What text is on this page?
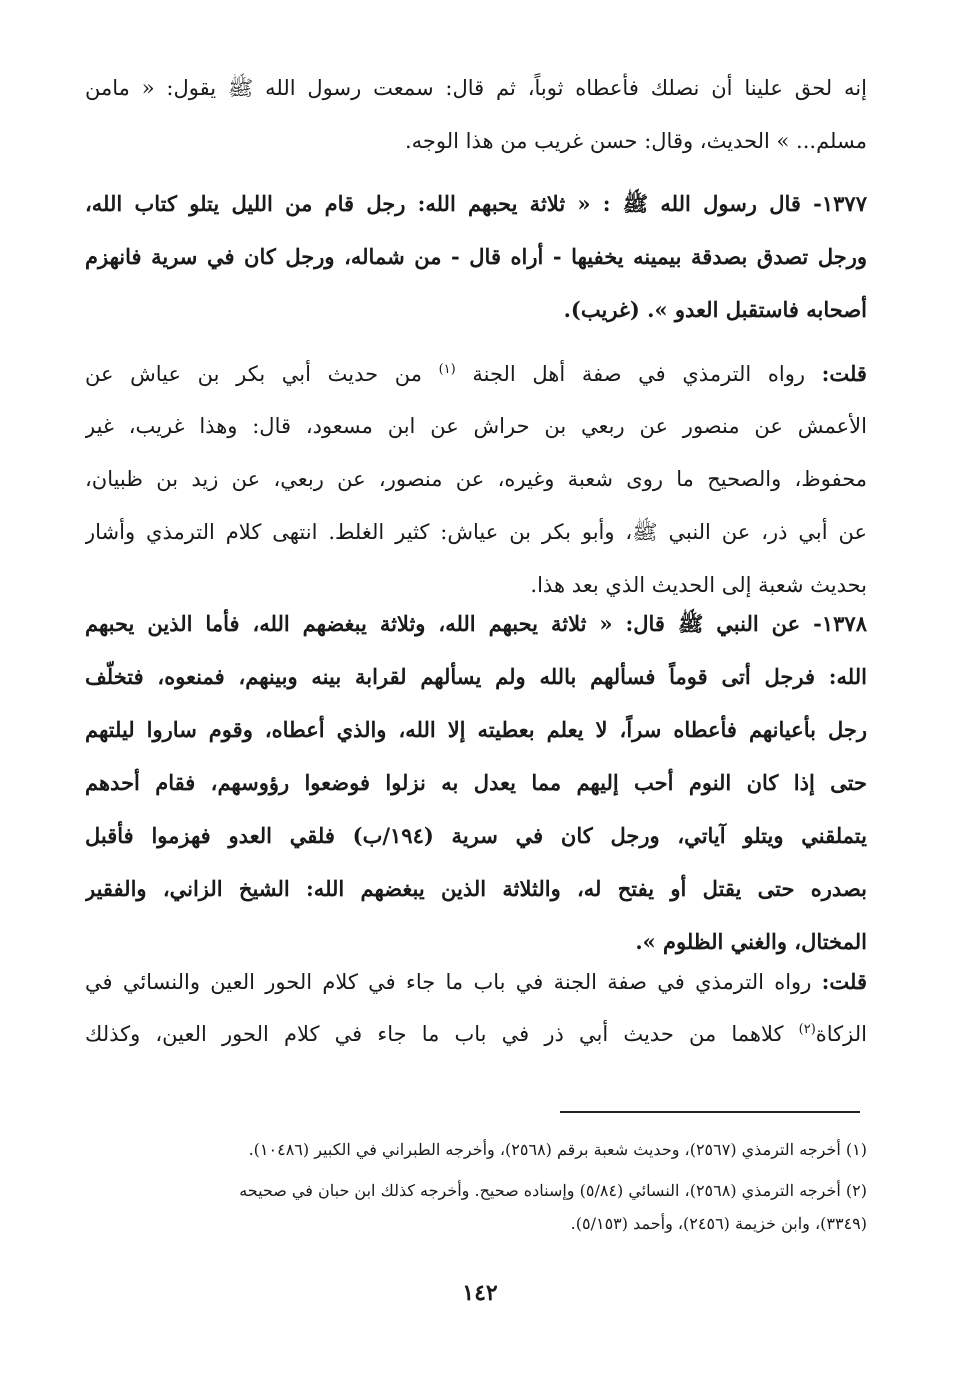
إنه لحق علينا أن نصلك فأعطاه ثوباً، ثم قال: سمعت رسول الله ﷺ يقول: « مامن
مسلم... » الحديث، وقال: حسن غريب من هذا الوجه.
١٣٧٧- قال رسول الله ﷺ : « ثلاثة يحبهم الله: رجل قام من الليل يتلو كتاب الله،
ورجل تصدق بصدقة بيمينه يخفيها - أراه قال - من شماله، ورجل كان في سرية فانهزم
أصحابه فاستقبل العدو ». (غريب).
قلت: رواه الترمذي في صفة أهل الجنة $^{(١)}$ من حديث أبي بكر بن عياش عن
الأعمش عن منصور عن ربعي بن حراش عن ابن مسعود، قال: وهذا غريب، غير
محفوظ، والصحيح ما روى شعبة وغيره، عن منصور، عن ربعي، عن زيد بن ظبيان،
عن أبي ذر، عن النبي ﷺ، وأبو بكر بن عياش: كثير الغلط. انتهى كلام الترمذي وأشار
بحديث شعبة إلى الحديث الذي بعد هذا.
١٣٧٨- عن النبي ﷺ قال: « ثلاثة يحبهم الله، وثلاثة يبغضهم الله، فأما الذين يحبهم
الله: فرجل أتى قوماً فسألهم بالله ولم يسألهم لقرابة بينه وبينهم، فمنعوه، فتخلّف
رجل بأعيانهم فأعطاه سراً، لا يعلم بعطيته إلا الله، والذي أعطاه، وقوم ساروا ليلتهم
حتى إذا كان النوم أحب إليهم مما يعدل به نزلوا فوضعوا رؤوسهم، فقام أحدهم
يتملقني ويتلو آياتي، ورجل كان في سرية (١٩٤/ب) فلقي العدو فهزموا فأقبل
بصدره حتى يقتل أو يفتح له، والثلاثة الذين يبغضهم الله: الشيخ الزاني، والفقير
المختال، والغني الظلوم ».
قلت: رواه الترمذي في صفة الجنة في باب ما جاء في كلام الحور العين والنسائي في
الزكاة$^{(٢)}$ كلاهما من حديث أبي ذر في باب ما جاء في كلام الحور العين، وكذلك
(١) أخرجه الترمذي (٢٥٦٧)، وحديث شعبة برقم (٢٥٦٨)، وأخرجه الطبراني في الكبير (١٠٤٨٦).
(٢) أخرجه الترمذي (٢٥٦٨)، النسائي (٥/٨٤) وإسناده صحيح. وأخرجه كذلك ابن حبان في صحيحه
(٣٣٤٩)، وابن خزيمة (٢٤٥٦)، وأحمد (٥/١٥٣).
١٤٢
